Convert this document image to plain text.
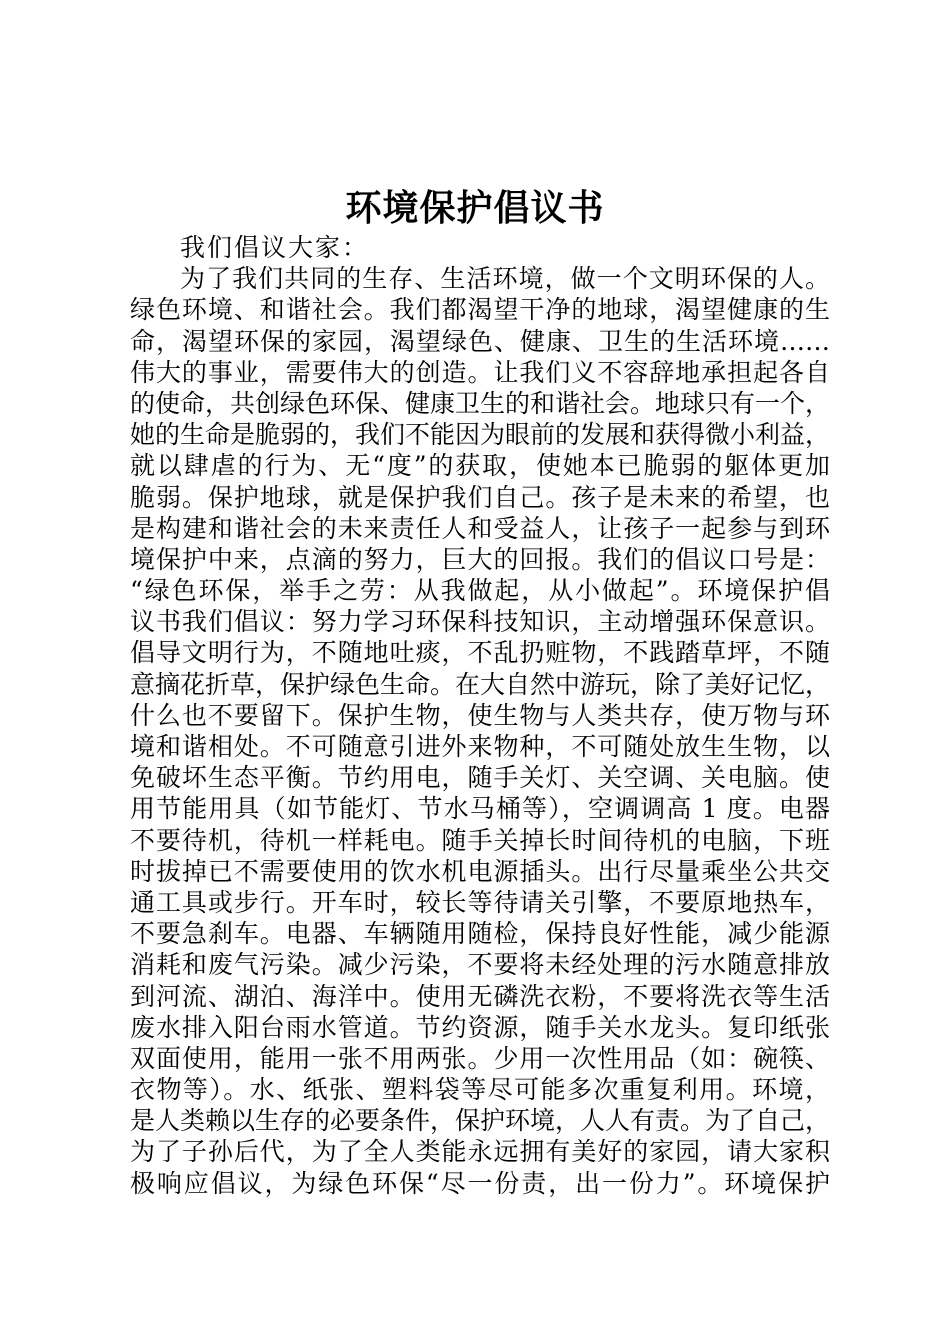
环境保护倡议书
我们倡议大家：
为了我们共同的生存、生活环境，做一个文明环保的人。
绿色环境、和谐社会。我们都渴望干净的地球，渴望健康的生
命，渴望环保的家园，渴望绿色、健康、卫生的生活环境……
伟大的事业，需要伟大的创造。让我们义不容辞地承担起各自
的使命，共创绿色环保、健康卫生的和谐社会。地球只有一个，
她的生命是脆弱的，我们不能因为眼前的发展和获得微小利益，
就以肆虐的行为、无“度”的获取，使她本已脆弱的躯体更加
脆弱。保护地球，就是保护我们自己。孩子是未来的希望，也
是构建和谐社会的未来责任人和受益人，让孩子一起参与到环
境保护中来，点滴的努力，巨大的回报。我们的倡议口号是：
“绿色环保，举手之劳：从我做起，从小做起”。环境保护倡
议书我们倡议：努力学习环保科技知识，主动增强环保意识。
倡导文明行为，不随地吐痰，不乱扔赃物，不践踏草坪，不随
意摘花折草，保护绿色生命。在大自然中游玩，除了美好记忆，
什么也不要留下。保护生物，使生物与人类共存，使万物与环
境和谐相处。不可随意引进外来物种，不可随处放生生物，以
免破坏生态平衡。节约用电，随手关灯、关空调、关电脑。使
用节能用具（如节能灯、节水马桶等），空调调高 1 度。电器
不要待机，待机一样耗电。随手关掉长时间待机的电脑，下班
时拔掉已不需要使用的饮水机电源插头。出行尽量乘坐公共交
通工具或步行。开车时，较长等待请关引擎，不要原地热车，
不要急刹车。电器、车辆随用随检，保持良好性能，减少能源
消耗和废气污染。减少污染，不要将未经处理的污水随意排放
到河流、湖泊、海洋中。使用无磷洗衣粉，不要将洗衣等生活
废水排入阳台雨水管道。节约资源，随手关水龙头。复印纸张
双面使用，能用一张不用两张。少用一次性用品（如：碗筷、
衣物等）。水、纸张、塑料袋等尽可能多次重复利用。环境，
是人类赖以生存的必要条件，保护环境，人人有责。为了自己，
为了子孙后代，为了全人类能永远拥有美好的家园，请大家积
极响应倡议，为绿色环保“尽一份责，出一份力”。环境保护
